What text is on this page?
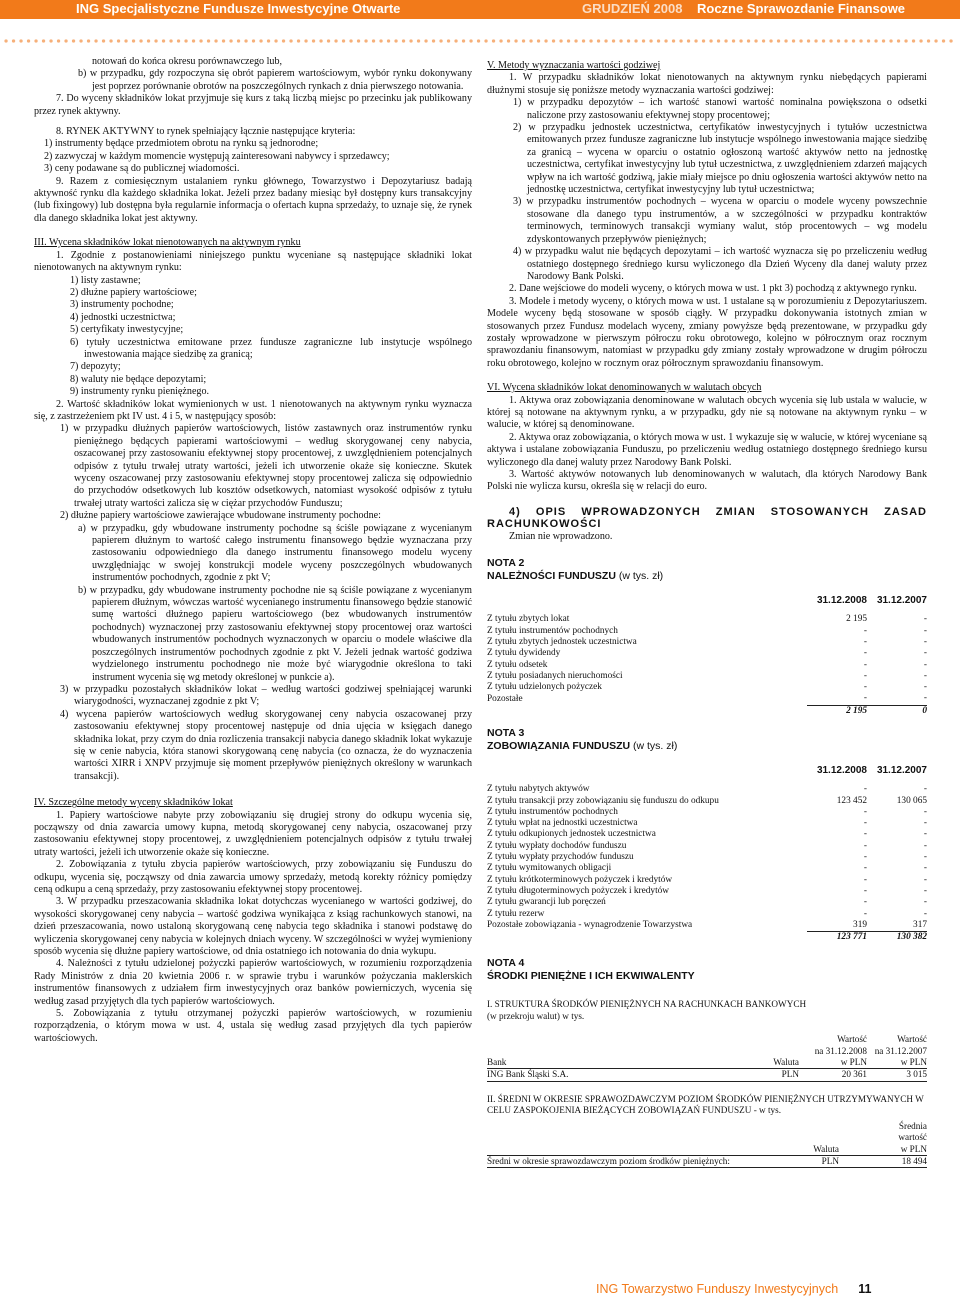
ING Specjalistyczne Fundusze Inwestycyjne Otwarte	GRUDZIEŃ 2008 Roczne Sprawozdanie Finansowe

notowań do końca okresu porównawczego lub,

b) w przypadku, gdy rozpoczyna się obrót papierem wartościowym, wybór rynku dokonywany jest poprzez porównanie obrotów na poszczególnych rynkach z dnia pierwszego notowania.

7. Do wyceny składników lokat przyjmuje się kurs z taką liczbą miejsc po przecinku jak publikowany przez rynek aktywny.

8. RYNEK AKTYWNY to rynek spełniający łącznie następujące kryteria:

1) instrumenty będące przedmiotem obrotu na rynku są jednorodne;

2) zazwyczaj w każdym momencie występują zainteresowani nabywcy i sprzedawcy;

3) ceny podawane są do publicznej wiadomości.

9. Razem z comiesięcznym ustalaniem rynku głównego, Towarzystwo i Depozytariusz badają aktywność rynku dla każdego składnika lokat. Jeżeli przez badany miesiąc był dostępny kurs transakcyjny (lub fixingowy) lub dostępna była regularnie informacja o ofertach kupna sprzedaży, to uznaje się, że rynek dla danego składnika lokat jest aktywny.

III. Wycena składników lokat nienotowanych na aktywnym rynku

1. Zgodnie z postanowieniami niniejszego punktu wyceniane są następujące składniki lokat nienotowanych na aktywnym rynku:

1) listy zastawne;

2) dłużne papiery wartościowe;

3) instrumenty pochodne;

4) jednostki uczestnictwa;

5) certyfikaty inwestycyjne;

6) tytuły uczestnictwa emitowane przez fundusze zagraniczne lub instytucje wspólnego inwestowania mające siedzibę za granicą;

7) depozyty;

8) waluty nie będące depozytami;

9) instrumenty rynku pieniężnego.

2. Wartość składników lokat wymienionych w ust. 1 nienotowanych na aktywnym rynku wyznacza się, z zastrzeżeniem pkt IV ust. 4 i 5, w następujący sposób:

1) w przypadku dłużnych papierów wartościowych, listów zastawnych oraz instrumentów rynku pieniężnego będących papierami wartościowymi – według skorygowanej ceny nabycia, oszacowanej przy zastosowaniu efektywnej stopy procentowej, z uwzględnieniem potencjalnych odpisów z tytułu trwałej utraty wartości, jeżeli ich utworzenie okaże się konieczne. Skutek wyceny oszacowanej przy zastosowaniu efektywnej stopy procentowej zalicza się odpowiednio do przychodów odsetkowych lub kosztów odsetkowych, natomiast wysokość odpisów z tytułu trwałej utraty wartości zalicza się w ciężar przychodów Funduszu;

2) dłużne papiery wartościowe zawierające wbudowane instrumenty pochodne:

a) w przypadku, gdy wbudowane instrumenty pochodne są ściśle powiązane z wycenianym papierem dłużnym to wartość całego instrumentu finansowego będzie wyznaczana przy zastosowaniu odpowiedniego dla danego instrumentu finansowego modelu wyceny uwzględniając w swojej konstrukcji modele wyceny poszczególnych wbudowanych instrumentów pochodnych, zgodnie z pkt V;

b) w przypadku, gdy wbudowane instrumenty pochodne nie są ściśle powiązane z wycenianym papierem dłużnym, wówczas wartość wycenianego instrumentu finansowego będzie stanowić sumę wartości dłużnego papieru wartościowego (bez wbudowanych instrumentów pochodnych) wyznaczonej przy zastosowaniu efektywnej stopy procentowej oraz wartości wbudowanych instrumentów pochodnych wyznaczonych w oparciu o modele właściwe dla poszczególnych instrumentów pochodnych zgodnie z pkt V. Jeżeli jednak wartość godziwa wydzielonego instrumentu pochodnego nie może być wiarygodnie określona to taki instrument wycenia się wg metody określonej w punkcie a).

3) w przypadku pozostałych składników lokat – według wartości godziwej spełniającej warunki wiarygodności, wyznaczanej zgodnie z pkt V;

4) wycena papierów wartościowych według skorygowanej ceny nabycia oszacowanej przy zastosowaniu efektywnej stopy procentowej następuje od dnia ujęcia w księgach danego składnika lokat, przy czym do dnia rozliczenia transakcji nabycia danego składnik lokat wykazuje się w cenie nabycia, która stanowi skorygowaną cenę nabycia (co oznacza, że do wyznaczenia wartości XIRR i XNPV przyjmuje się moment przepływów pieniężnych określony w warunkach transakcji).

IV. Szczególne metody wyceny składników lokat

1. Papiery wartościowe nabyte przy zobowiązaniu się drugiej strony do odkupu wycenia się, począwszy od dnia zawarcia umowy kupna, metodą skorygowanej ceny nabycia, oszacowanej przy zastosowaniu efektywnej stopy procentowej, z uwzględnieniem potencjalnych odpisów z tytułu trwałej utraty wartości, jeżeli ich utworzenie okaże się konieczne.

2. Zobowiązania z tytułu zbycia papierów wartościowych, przy zobowiązaniu się Funduszu do odkupu, wycenia się, począwszy od dnia zawarcia umowy sprzedaży, metodą korekty różnicy pomiędzy ceną odkupu a ceną sprzedaży, przy zastosowaniu efektywnej stopy procentowej.

3. W przypadku przeszacowania składnika lokat dotychczas wycenianego w wartości godziwej, do wysokości skorygowanej ceny nabycia – wartość godziwa wynikająca z ksiąg rachunkowych stanowi, na dzień przeszacowania, nowo ustaloną skorygowaną cenę nabycia tego składnika i stanowi podstawę do wyliczenia skorygowanej ceny nabycia w kolejnych dniach wyceny. W szczególności w wyżej wymieniony sposób wycenia się dłużne papiery wartościowe, od dnia ostatniego ich notowania do dnia wykupu.

4. Należności z tytułu udzielonej pożyczki papierów wartościowych, w rozumieniu rozporządzenia Rady Ministrów z dnia 20 kwietnia 2006 r. w sprawie trybu i warunków pożyczania maklerskich instrumentów finansowych z udziałem firm inwestycyjnych oraz banków powierniczych, wycenia się według zasad przyjętych dla tych papierów wartościowych.

5. Zobowiązania z tytułu otrzymanej pożyczki papierów wartościowych, w rozumieniu rozporządzenia, o którym mowa w ust. 4, ustala się według zasad przyjętych dla tych papierów wartościowych.

V. Metody wyznaczania wartości godziwej

1. W przypadku składników lokat nienotowanych na aktywnym rynku niebędących papierami dłużnymi stosuje się poniższe metody wyznaczania wartości godziwej:

1) w przypadku depozytów – ich wartość stanowi wartość nominalna powiększona o odsetki naliczone przy zastosowaniu efektywnej stopy procentowej;

2) w przypadku jednostek uczestnictwa, certyfikatów inwestycyjnych i tytułów uczestnictwa emitowanych przez fundusze zagraniczne lub instytucje wspólnego inwestowania mające siedzibę za granicą – wycena w oparciu o ostatnio ogłoszoną wartość aktywów netto na jednostkę uczestnictwa, certyfikat inwestycyjny lub tytuł uczestnictwa, z uwzględnieniem zdarzeń mających wpływ na ich wartość godziwą, jakie miały miejsce po dniu ogłoszenia wartości aktywów netto na jednostkę uczestnictwa, certyfikat inwestycyjny lub tytuł uczestnictwa;

3) w przypadku instrumentów pochodnych – wycena w oparciu o modele wyceny powszechnie stosowane dla danego typu instrumentów, a w szczególności w przypadku kontraktów terminowych, terminowych transakcji wymiany walut, stóp procentowych – wg modelu zdyskontowanych przepływów pieniężnych;

4) w przypadku walut nie będących depozytami – ich wartość wyznacza się po przeliczeniu według ostatniego dostępnego średniego kursu wyliczonego dla Dzień Wyceny dla danej waluty przez Narodowy Bank Polski.

2. Dane wejściowe do modeli wyceny, o których mowa w ust. 1 pkt 3) pochodzą z aktywnego rynku.

3. Modele i metody wyceny, o których mowa w ust. 1 ustalane są w porozumieniu z Depozytariuszem. Modele wyceny będą stosowane w sposób ciągły. W przypadku dokonywania istotnych zmian w stosowanych przez Fundusz modelach wyceny, zmiany powyższe będą prezentowane, w przypadku gdy zostały wprowadzone w pierwszym półroczu roku obrotowego, kolejno w półrocznym oraz rocznym sprawozdaniu finansowym, natomiast w przypadku gdy zmiany zostały wprowadzone w drugim półroczu roku obrotowego, kolejno w rocznym oraz półrocznym sprawozdaniu finansowym.

VI. Wycena składników lokat denominowanych w walutach obcych

1. Aktywa oraz zobowiązania denominowane w walutach obcych wycenia się lub ustala w walucie, w której są notowane na aktywnym rynku, a w przypadku, gdy nie są notowane na aktywnym rynku – w walucie, w której są denominowane.

2. Aktywa oraz zobowiązania, o których mowa w ust. 1 wykazuje się w walucie, w której wyceniane są aktywa i ustalane zobowiązania Funduszu, po przeliczeniu według ostatniego dostępnego średniego kursu wyliczonego dla danej waluty przez Narodowy Bank Polski.

3. Wartość aktywów notowanych lub denominowanych w walutach, dla których Narodowy Bank Polski nie wylicza kursu, określa się w relacji do euro.

4) OPIS WPROWADZONYCH ZMIAN STOSOWANYCH ZASAD RACHUNKOWOŚCI

Zmian nie wprowadzono.

NOTA 2
NALEŻNOŚCI FUNDUSZU (w tys. zł)
	31.12.2008	31.12.2007

Z tytułu zbytych lokat	2 195	-
Z tytułu instrumentów pochodnych	-	-
Z tytułu zbytych jednostek uczestnictwa	-	-
Z tytułu dywidendy	-	-
Z tytułu odsetek	-	-
Z tytułu posiadanych nieruchomości	-	-
Z tytułu udzielonych pożyczek	-	-
Pozostałe	-	-
	2 195	0
NOTA 3
ZOBOWIĄZANIA FUNDUSZU (w tys. zł)
	31.12.2008	31.12.2007

Z tytułu nabytych aktywów	-	-
Z tytułu transakcji przy zobowiązaniu się funduszu do odkupu	123 452	130 065
Z tytułu instrumentów pochodnych	-	-
Z tytułu wpłat na jednostki uczestnictwa	-	-
Z tytułu odkupionych jednostek uczestnictwa	-	-
Z tytułu wypłaty dochodów funduszu	-	-
Z tytułu wypłaty przychodów funduszu	-	-
Z tytułu wymitowanych obligacji	-	-
Z tytułu krótkoterminowych pożyczek i kredytów	-	-
Z tytułu długoterminowych pożyczek i kredytów	-	-
Z tytułu gwarancji lub poręczeń	-	-
Z tytułu rezerw	-	-
Pozostałe zobowiązania - wynagrodzenie Towarzystwa	319	317
	123 771	130 382
NOTA 4
ŚRODKI PIENIĘŻNE I ICH EKWIWALENTY

I. STRUKTURA ŚRODKÓW PIENIĘŻNYCH NA RACHUNKACH BANKOWYCH

(w przekroju walut) w tys.

		Wartość	Wartość
		na 31.12.2008	na 31.12.2007
Bank	Waluta	w PLN	w PLN
ING Bank Śląski S.A.	PLN	20 361	3 015

II. ŚREDNI W OKRESIE SPRAWOZDAWCZYM POZIOM ŚRODKÓW PIENIĘŻNYCH UTRZYMYWANYCH W CELU ZASPOKOJENIA BIEŻĄCYCH ZOBOWIĄZAŃ FUNDUSZU - w tys.

		Średnia
		wartość
	Waluta	w PLN
Średni w okresie sprawozdawczym poziom środków pieniężnych:	PLN	18 494
ING Towarzystwo Funduszy Inwestycyjnych 11
